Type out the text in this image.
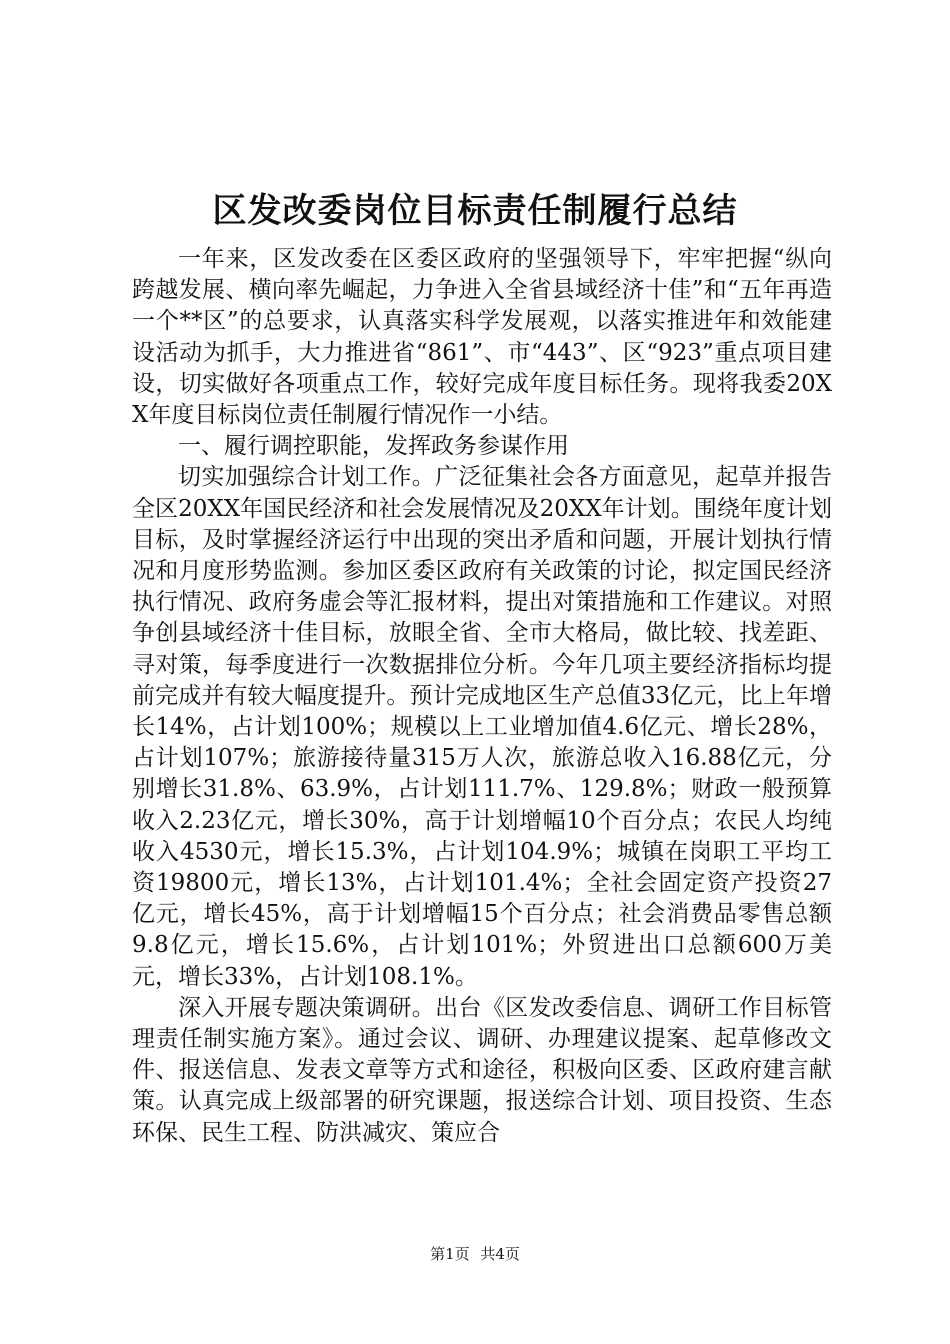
区发改委岗位目标责任制履行总结

一年来，区发改委在区委区政府的坚强领导下，牢牢把握“纵向跨越发展、横向率先崛起，力争进入全省县域经济十佳”和“五年再造一个**区”的总要求，认真落实科学发展观，以落实推进年和效能建设活动为抓手，大力推进省“861”、市“443”、区“923”重点项目建设，切实做好各项重点工作，较好完成年度目标任务。现将我委20XX年度目标岗位责任制履行情况作一小结。

一、履行调控职能，发挥政务参谋作用

切实加强综合计划工作。广泛征集社会各方面意见，起草并报告全区20XX年国民经济和社会发展情况及20XX年计划。围绕年度计划目标，及时掌握经济运行中出现的突出矛盾和问题，开展计划执行情况和月度形势监测。参加区委区政府有关政策的讨论，拟定国民经济执行情况、政府务虚会等汇报材料，提出对策措施和工作建议。对照争创县域经济十佳目标，放眼全省、全市大格局，做比较、找差距、寻对策，每季度进行一次数据排位分析。今年几项主要经济指标均提前完成并有较大幅度提升。预计完成地区生产总值33亿元，比上年增长14%，占计划100%；规模以上工业增加值4.6亿元、增长28%，占计划107%；旅游接待量315万人次，旅游总收入16.88亿元，分别增长31.8%、63.9%，占计划111.7%、129.8%；财政一般预算收入2.23亿元，增长30%，高于计划增幅10个百分点；农民人均纯收入4530元，增长15.3%，占计划104.9%；城镇在岗职工平均工资19800元，增长13%，占计划101.4%；全社会固定资产投资27亿元，增长45%，高于计划增幅15个百分点；社会消费品零售总额9.8亿元，增长15.6%，占计划101%；外贸进出口总额600万美元，增长33%，占计划108.1%。

深入开展专题决策调研。出台《区发改委信息、调研工作目标管理责任制实施方案》。通过会议、调研、办理建议提案、起草修改文件、报送信息、发表文章等方式和途径，积极向区委、区政府建言献策。认真完成上级部署的研究课题，报送综合计划、项目投资、生态环保、民生工程、防洪减灾、策应合

第1页 共4页
